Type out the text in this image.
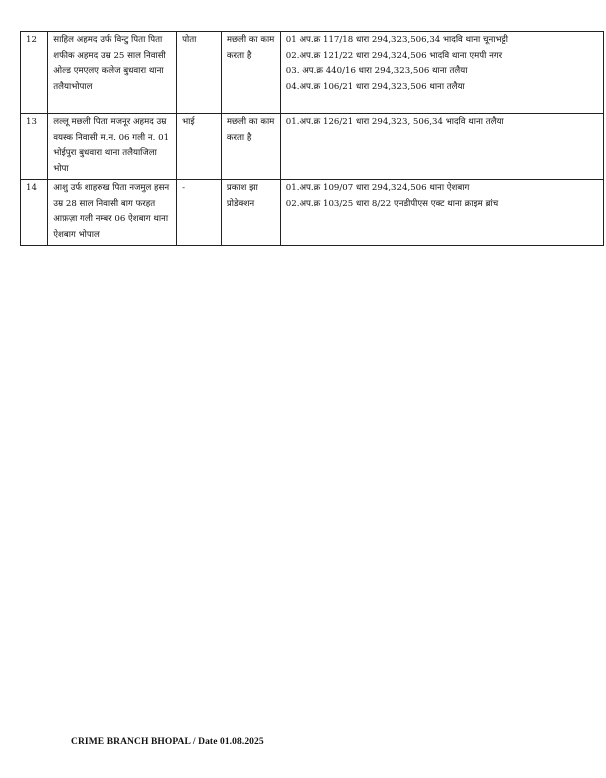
12	साहिल अहमद उर्फ विन्टु पिता पिता शफीक अहमद उम्र 25 साल निवासी ओल्ड एमएलए कलेज बुधवारा थाना तलैयाभोपाल	पोता	मछली का काम करता है	01 अप.क्र 117/18 धारा 294,323,506,34 भादवि थाना चूनाभट्टी
02.अप.क्र 121/22 धारा 294,324,506 भादवि थाना एमपी नगर
03. अप.क्र 440/16 धारा 294,323,506 थाना तलैया
04.अप.क्र 106/21 धारा 294,323,506 थाना तलैया

13	लल्लू मछली पिता मजनूर अहमद उम्र वयस्क निवासी म.न. 06 गली न. 01 भोईपुरा बुधवारा थाना तलैयाजिला भोपा	भाई	मछली का काम करता है	01.अप.क्र 126/21 धारा 294,323, 506,34 भादवि थाना तलैया

14	आशु उर्फ शाहरुख पिता नजमुल हसन उम्र 28 साल निवासी बाग फरहत आफ़ज़ा गली नम्बर 06 ऐशबाग थाना ऐशबाग भोपाल	-	प्रकाश झा प्रोडेक्शन	01.अप.क्र 109/07 धारा 294,324,506 थाना ऐशबाग
02.अप.क्र 103/25 धारा 8/22 एनडीपीएस एक्ट थाना क्राइम ब्रांच
CRIME BRANCH BHOPAL / Date 01.08.2025
